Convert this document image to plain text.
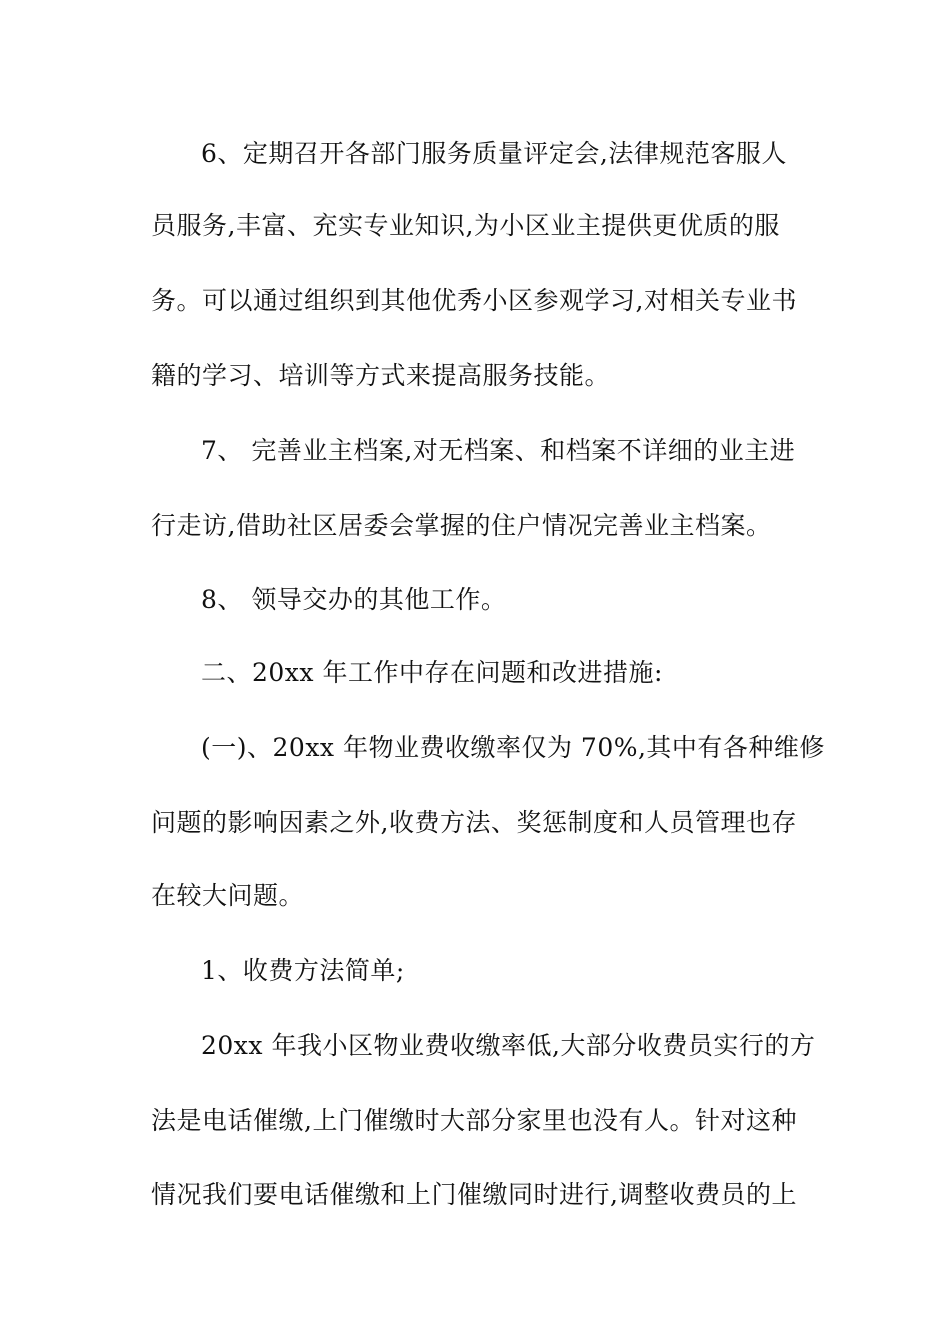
6、定期召开各部门服务质量评定会,法律规范客服人
员服务,丰富、充实专业知识,为小区业主提供更优质的服
务。可以通过组织到其他优秀小区参观学习,对相关专业书
籍的学习、培训等方式来提高服务技能。
7、 完善业主档案,对无档案、和档案不详细的业主进
行走访,借助社区居委会掌握的住户情况完善业主档案。
8、 领导交办的其他工作。
二、20xx 年工作中存在问题和改进措施:
(一)、20xx 年物业费收缴率仅为 70%,其中有各种维修
问题的影响因素之外,收费方法、奖惩制度和人员管理也存
在较大问题。
1、收费方法简单;
20xx 年我小区物业费收缴率低,大部分收费员实行的方
法是电话催缴,上门催缴时大部分家里也没有人。针对这种
情况我们要电话催缴和上门催缴同时进行,调整收费员的上
